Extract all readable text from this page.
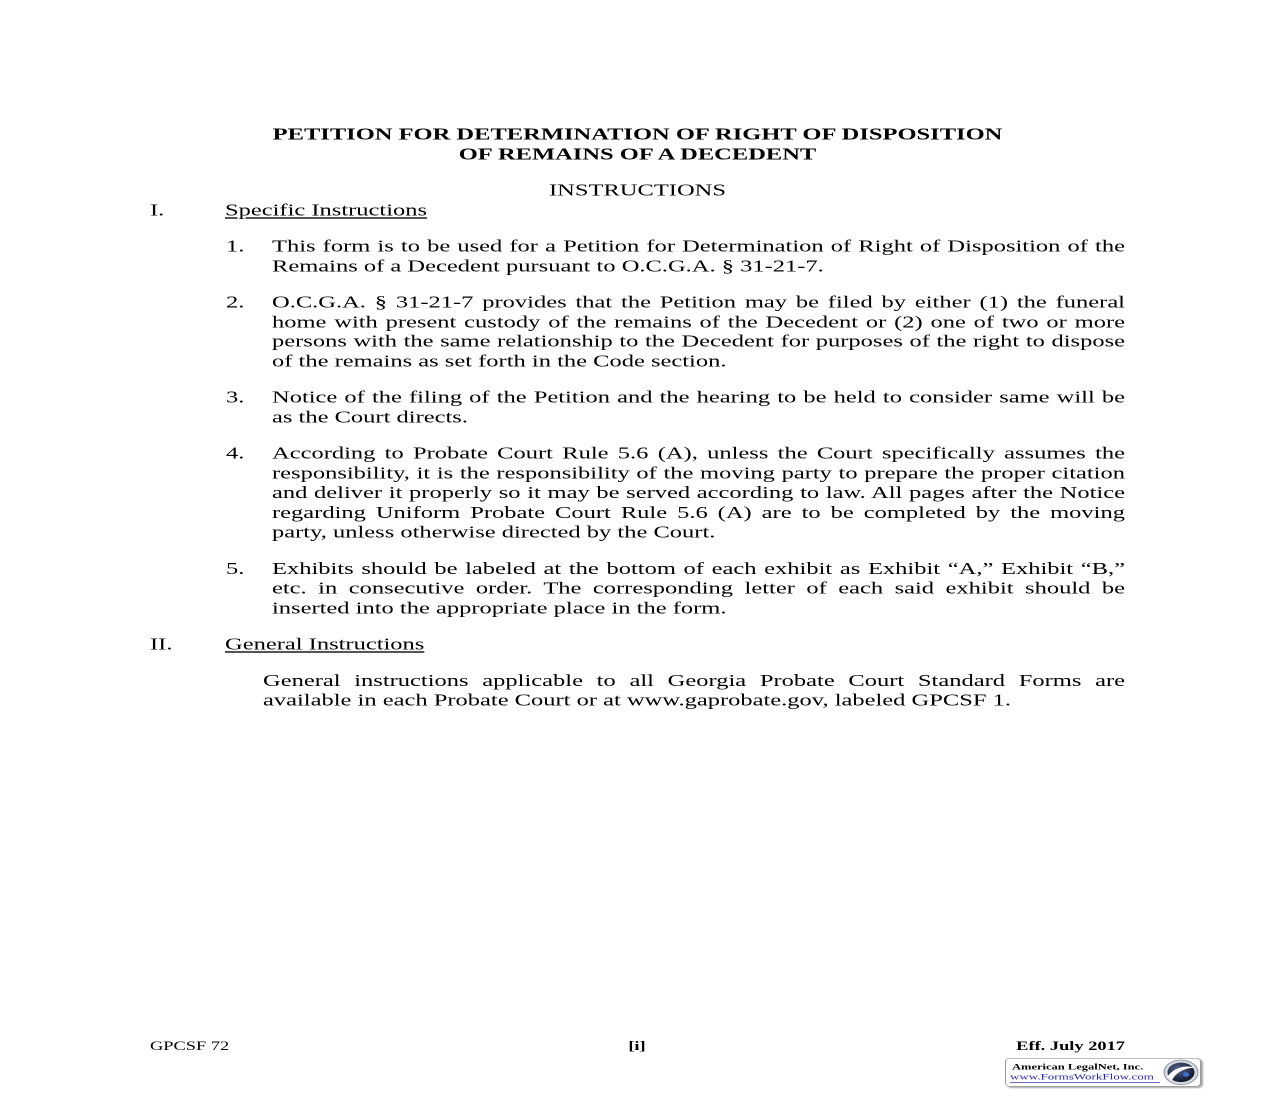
PETITION FOR DETERMINATION OF RIGHT OF DISPOSITION
OF REMAINS OF A DECEDENT
INSTRUCTIONS
I. Specific Instructions
1. This form is to be used for a Petition for Determination of Right of Disposition of the Remains of a Decedent pursuant to O.C.G.A. § 31-21-7.

2. O.C.G.A. § 31-21-7 provides that the Petition may be filed by either (1) the funeral home with present custody of the remains of the Decedent or (2) one of two or more persons with the same relationship to the Decedent for purposes of the right to dispose of the remains as set forth in the Code section.

3. Notice of the filing of the Petition and the hearing to be held to consider same will be as the Court directs.

4. According to Probate Court Rule 5.6 (A), unless the Court specifically assumes the responsibility, it is the responsibility of the moving party to prepare the proper citation and deliver it properly so it may be served according to law. All pages after the Notice regarding Uniform Probate Court Rule 5.6 (A) are to be completed by the moving party, unless otherwise directed by the Court.

5. Exhibits should be labeled at the bottom of each exhibit as Exhibit “A,” Exhibit “B,” etc. in consecutive order. The corresponding letter of each said exhibit should be inserted into the appropriate place in the form.

II. General Instructions

General instructions applicable to all Georgia Probate Court Standard Forms are available in each Probate Court or at www.gaprobate.gov, labeled GPCSF 1.

GPCSF 72	[i]	Eff. July 2017
American LegalNet, Inc.
www.FormsWorkFlow.com
